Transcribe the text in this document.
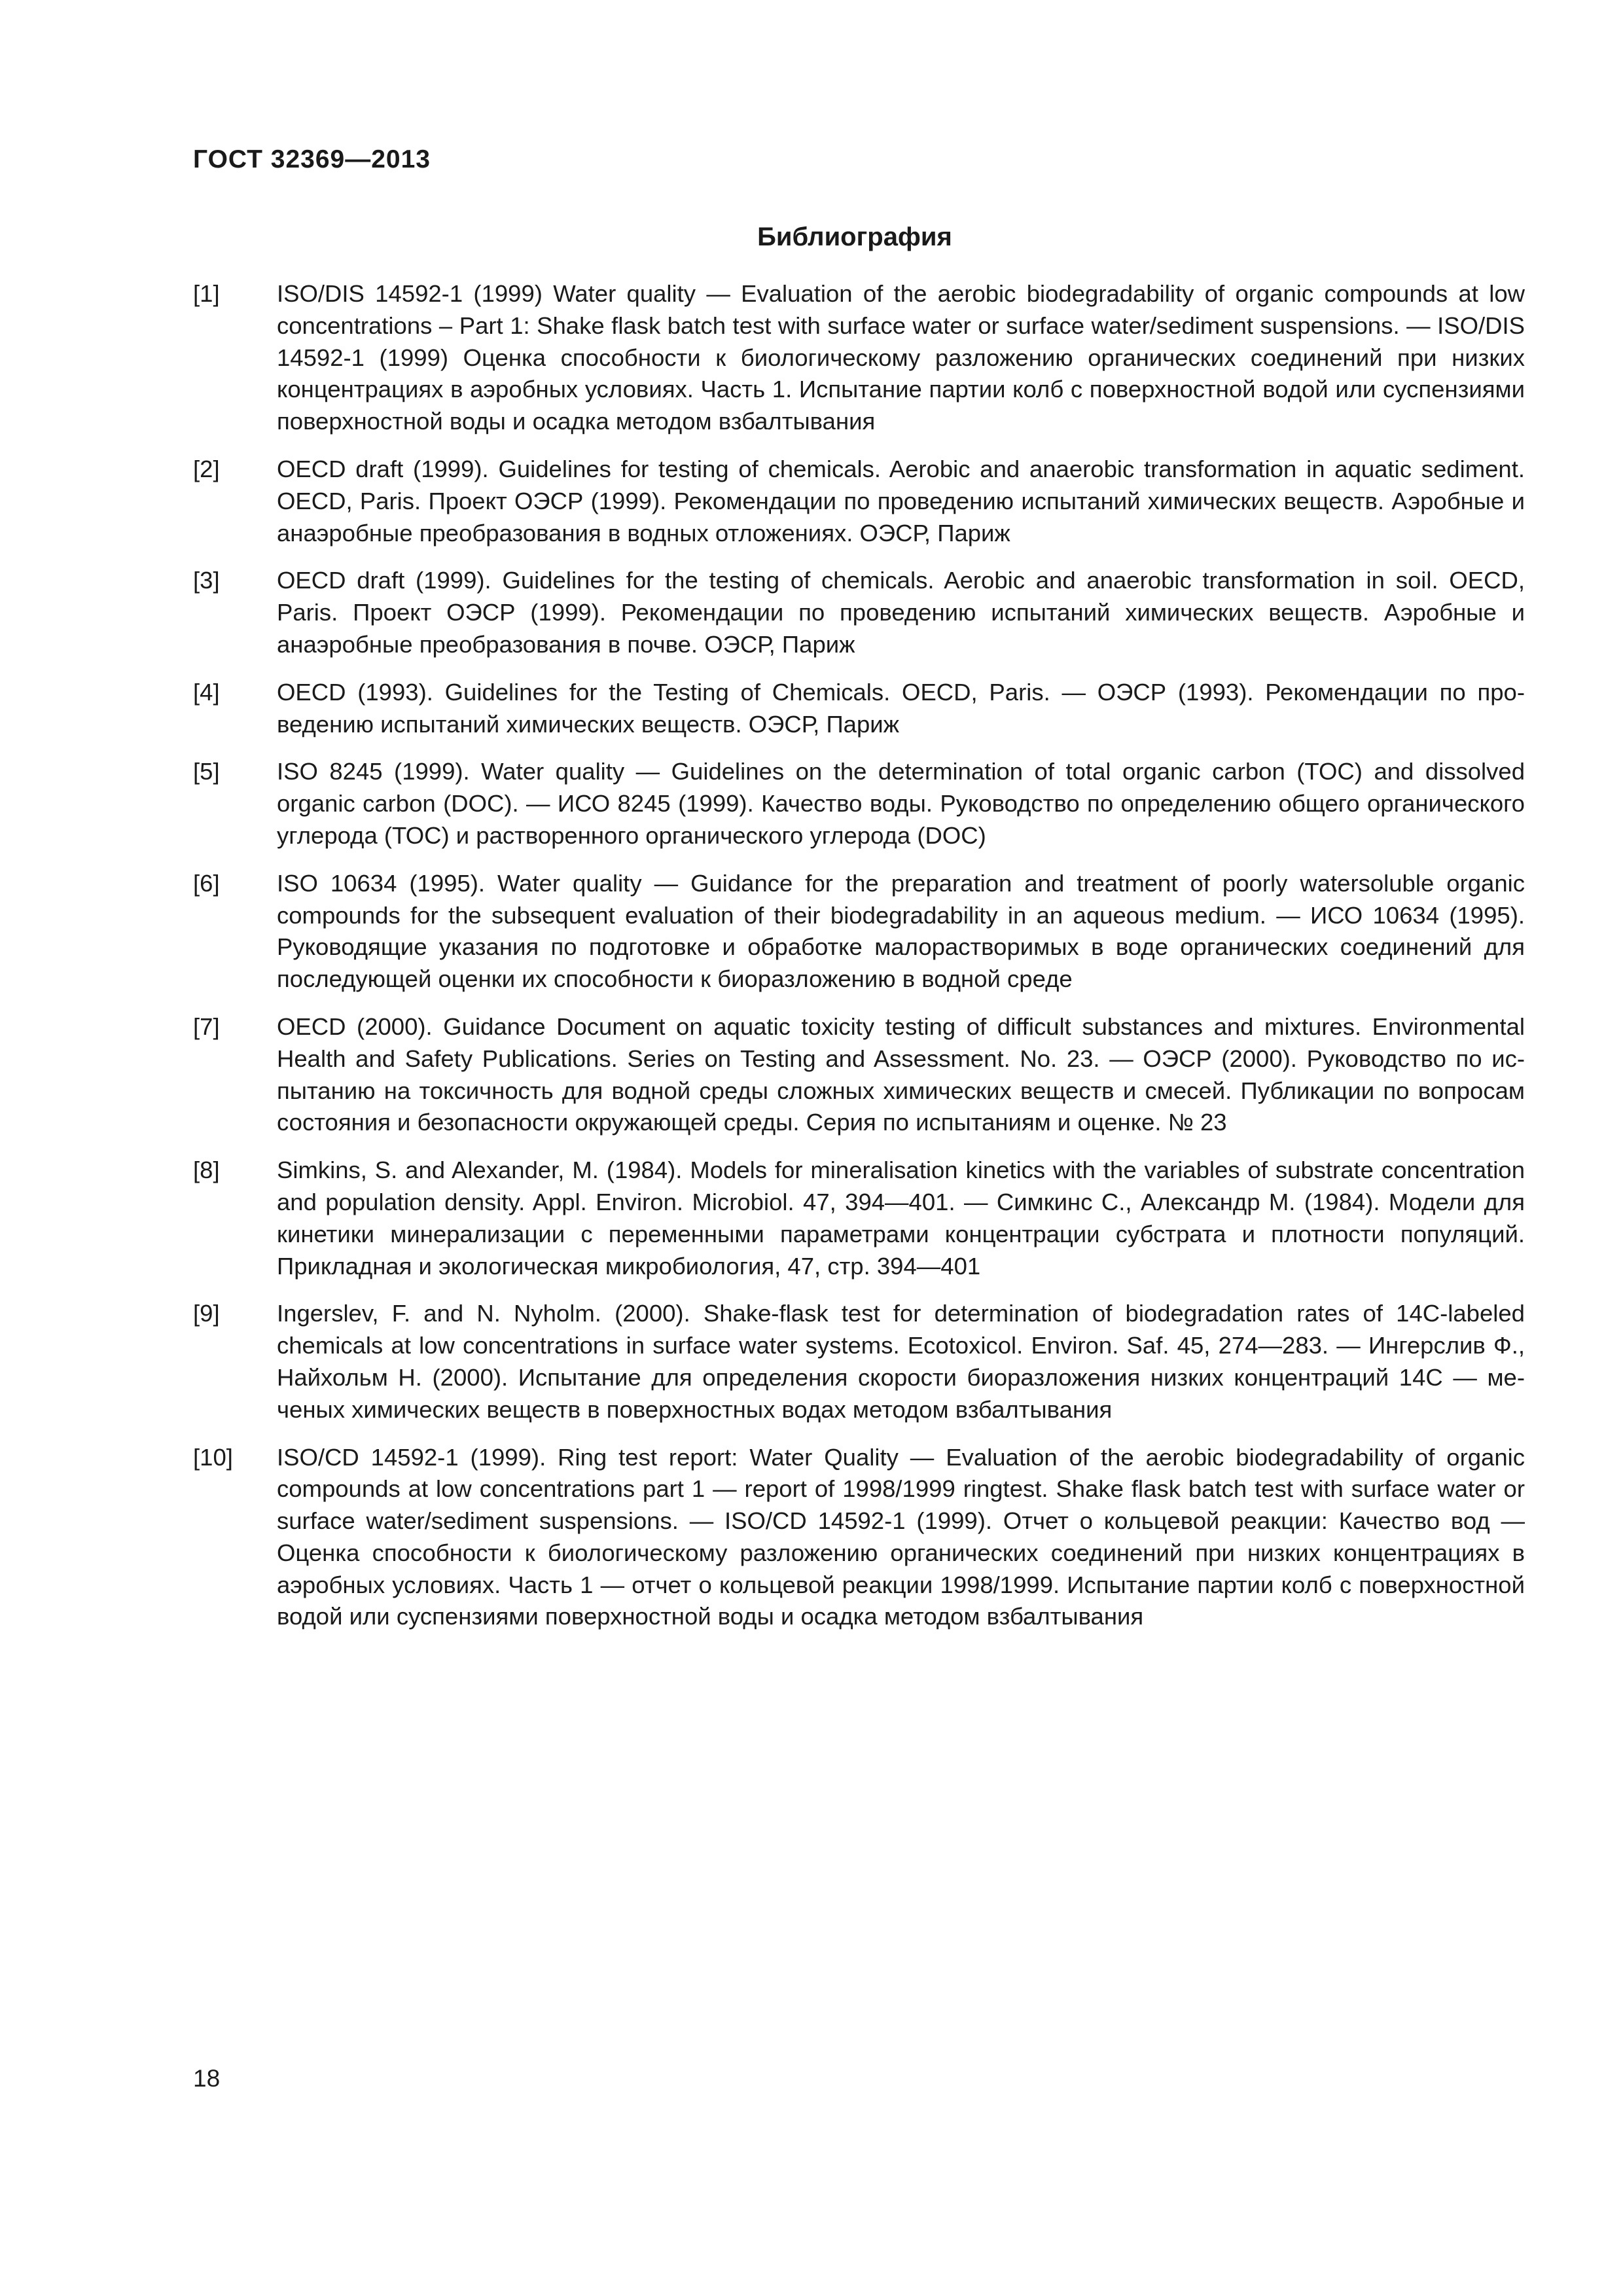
ГОСТ 32369—2013

Библиография
[1]	ISO/DIS 14592-1 (1999) Water quality — Evaluation of the aerobic biodegradability of organic compounds at low concentrations – Part 1: Shake flask batch test with surface water or surface water/sediment suspensions. — ISO/DIS 14592-1 (1999) Оценка способности к биологическому разложению органических соединений при низких концентрациях в аэробных условиях. Часть 1. Испытание партии колб с поверхностной водой или суспензиями поверхностной воды и осадка методом взбалтывания
[2]	OECD draft (1999). Guidelines for testing of chemicals. Aerobic and anaerobic transformation in aquatic sediment. OECD, Paris. Проект ОЭСР (1999). Рекомендации по проведению испытаний химических веществ. Аэробные и анаэробные преобразования в водных отложениях. ОЭСР, Париж
[3]	OECD draft (1999). Guidelines for the testing of chemicals. Aerobic and anaerobic transformation in soil. OECD, Paris. Проект ОЭСР (1999). Рекомендации по проведению испытаний химических веществ. Аэробные и анаэробные преобразования в почве. ОЭСР, Париж
[4]	OECD (1993). Guidelines for the Testing of Chemicals. OECD, Paris. — ОЭСР (1993). Рекомендации по проведению испытаний химических веществ. ОЭСР, Париж
[5]	ISO 8245 (1999). Water quality — Guidelines on the determination of total organic carbon (TOC) and dissolved organic carbon (DOC). — ИСО 8245 (1999). Качество воды. Руководство по определению общего органического углерода (ТОС) и растворенного органического углерода (DOC)
[6]	ISO 10634 (1995). Water quality — Guidance for the preparation and treatment of poorly watersoluble organic compounds for the subsequent evaluation of their biodegradability in an aqueous medium. — ИСО 10634 (1995). Руководящие указания по подготовке и обработке малорастворимых в воде органических соединений для последующей оценки их способности к биоразложению в водной среде
[7]	OECD (2000). Guidance Document on aquatic toxicity testing of difficult substances and mixtures. Environmental Health and Safety Publications. Series on Testing and Assessment. No. 23. — ОЭСР (2000). Руководство по испытанию на токсичность для водной среды сложных химических веществ и смесей. Публикации по вопросам состояния и безопасности окружающей среды. Серия по испытаниям и оценке. № 23
[8]	Simkins, S. and Alexander, M. (1984). Models for mineralisation kinetics with the variables of substrate concentration and population density. Appl. Environ. Microbiol. 47, 394—401. — Симкинс С., Александр М. (1984). Модели для кинетики минерализации с переменными параметрами концентрации субстрата и плотности популяций. Прикладная и экологическая микробиология, 47, стр. 394—401
[9]	Ingerslev, F. and N. Nyholm. (2000). Shake-flask test for determination of biodegradation rates of 14C-labeled chemicals at low concentrations in surface water systems. Ecotoxicol. Environ. Saf. 45, 274—283. — Ингерслив Ф., Найхольм Н. (2000). Испытание для определения скорости биоразложения низких концентраций 14С — меченых химических веществ в поверхностных водах методом взбалтывания
[10]	ISO/CD 14592-1 (1999). Ring test report: Water Quality — Evaluation of the aerobic biodegradability of organic compounds at low concentrations part 1 — report of 1998/1999 ringtest. Shake flask batch test with surface water or surface water/sediment suspensions. — ISO/CD 14592-1 (1999). Отчет о кольцевой реакции: Качество вод — Оценка способности к биологическому разложению органических соединений при низких концентрациях в аэробных условиях. Часть 1 — отчет о кольцевой реакции 1998/1999. Испытание партии колб с поверхностной водой или суспензиями поверхностной воды и осадка методом взбалтывания

18
